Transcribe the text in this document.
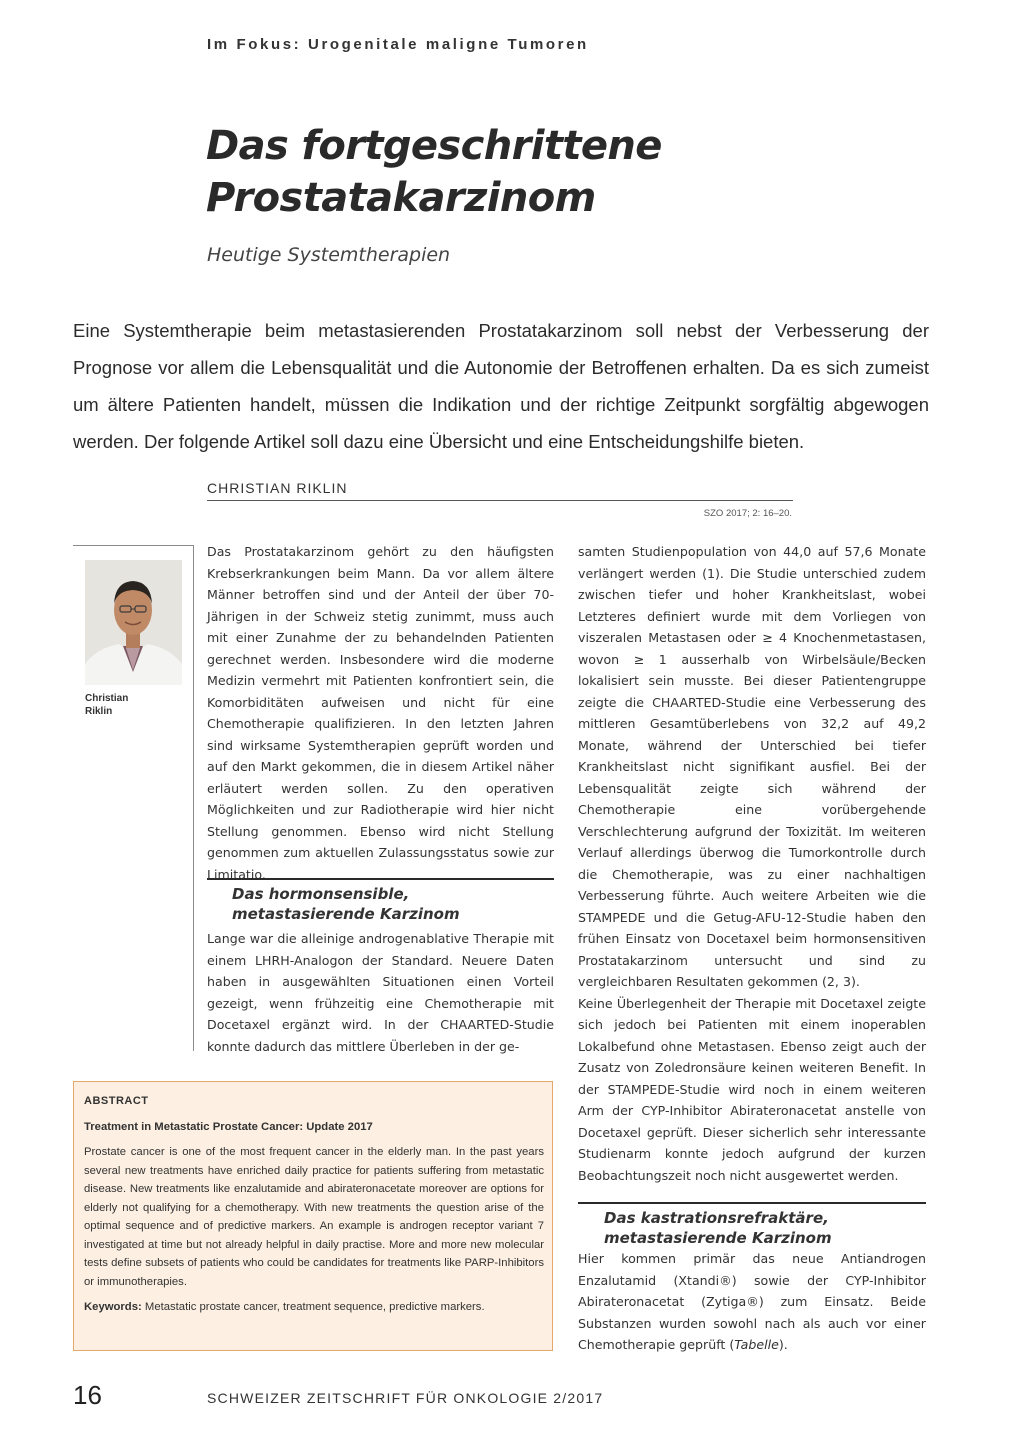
Im Fokus: Urogenitale maligne Tumoren
Das fortgeschrittene
Prostatakarzinom
Heutige Systemtherapien
Eine Systemtherapie beim metastasierenden Prostatakarzinom soll nebst der Verbesserung der Prognose vor allem die Lebensqualität und die Autonomie der Betroffenen erhalten. Da es sich zumeist um ältere Patienten handelt, müssen die Indikation und der richtige Zeitpunkt sorgfältig abgewogen werden. Der folgende Artikel soll dazu eine Übersicht und eine Entscheidungshilfe bieten.
CHRISTIAN RIKLIN
SZO 2017; 2: 16–20.
Christian
Riklin

Das Prostatakarzinom gehört zu den häufigsten Krebserkrankungen beim Mann. Da vor allem ältere Männer betroffen sind und der Anteil der über 70-Jährigen in der Schweiz stetig zunimmt, muss auch mit einer Zunahme der zu behandelnden Patienten gerechnet werden. Insbesondere wird die moderne Medizin vermehrt mit Patienten konfrontiert sein, die Komorbiditäten aufweisen und nicht für eine Chemotherapie qualifizieren. In den letzten Jahren sind wirksame Systemtherapien geprüft worden und auf den Markt gekommen, die in diesem Artikel näher erläutert werden sollen. Zu den operativen Möglichkeiten und zur Radiotherapie wird hier nicht Stellung genommen. Ebenso wird nicht Stellung genommen zum aktuellen Zulassungsstatus sowie zur Limitatio.

Das hormonsensible,
metastasierende Karzinom

Lange war die alleinige androgenablative Therapie mit einem LHRH-Analogon der Standard. Neuere Daten haben in ausgewählten Situationen einen Vorteil gezeigt, wenn frühzeitig eine Chemotherapie mit Docetaxel ergänzt wird. In der CHAARTED-Studie konnte dadurch das mittlere Überleben in der ge-

ABSTRACT
Treatment in Metastatic Prostate Cancer: Update 2017
Prostate cancer is one of the most frequent cancer in the elderly man. In the past years several new treatments have enriched daily practice for patients suffering from metastatic disease. New treatments like enzalutamide and abirateronacetate moreover are options for elderly not qualifying for a chemotherapy. With new treatments the question arise of the optimal sequence and of predictive markers. An example is androgen receptor variant 7 investigated at time but not already helpful in daily practise. More and more new molecular tests define subsets of patients who could be candidates for treatments like PARP-Inhibitors or immunotherapies.
Keywords: Metastatic prostate cancer, treatment sequence, predictive markers.

samten Studienpopulation von 44,0 auf 57,6 Monate verlängert werden (1). Die Studie unterschied zudem zwischen tiefer und hoher Krankheitslast, wobei Letzteres definiert wurde mit dem Vorliegen von viszeralen Metastasen oder ≥ 4 Knochenmetastasen, wovon ≥ 1 ausserhalb von Wirbelsäule/Becken lokalisiert sein musste. Bei dieser Patientengruppe zeigte die CHAARTED-Studie eine Verbesserung des mittleren Gesamtüberlebens von 32,2 auf 49,2 Monate, während der Unterschied bei tiefer Krankheitslast nicht signifikant ausfiel. Bei der Lebensqualität zeigte sich während der Chemotherapie eine vorübergehende Verschlechterung aufgrund der Toxizität. Im weiteren Verlauf allerdings überwog die Tumorkontrolle durch die Chemotherapie, was zu einer nachhaltigen Verbesserung führte. Auch weitere Arbeiten wie die STAMPEDE und die Getug-AFU-12-Studie haben den frühen Einsatz von Docetaxel beim hormonsensitiven Prostatakarzinom untersucht und sind zu vergleichbaren Resultaten gekommen (2, 3).

Keine Überlegenheit der Therapie mit Docetaxel zeigte sich jedoch bei Patienten mit einem inoperablen Lokalbefund ohne Metastasen. Ebenso zeigt auch der Zusatz von Zoledronsäure keinen weiteren Benefit. In der STAMPEDE-Studie wird noch in einem weiteren Arm der CYP-Inhibitor Abirateronacetat anstelle von Docetaxel geprüft. Dieser sicherlich sehr interessante Studienarm konnte jedoch aufgrund der kurzen Beobachtungszeit noch nicht ausgewertet werden.

Das kastrationsrefraktäre,
metastasierende Karzinom

Hier kommen primär das neue Antiandrogen Enzalutamid (Xtandi®) sowie der CYP-Inhibitor Abirateronacetat (Zytiga®) zum Einsatz. Beide Substanzen wurden sowohl nach als auch vor einer Chemotherapie geprüft (Tabelle).

16	SCHWEIZER ZEITSCHRIFT FÜR ONKOLOGIE 2/2017
